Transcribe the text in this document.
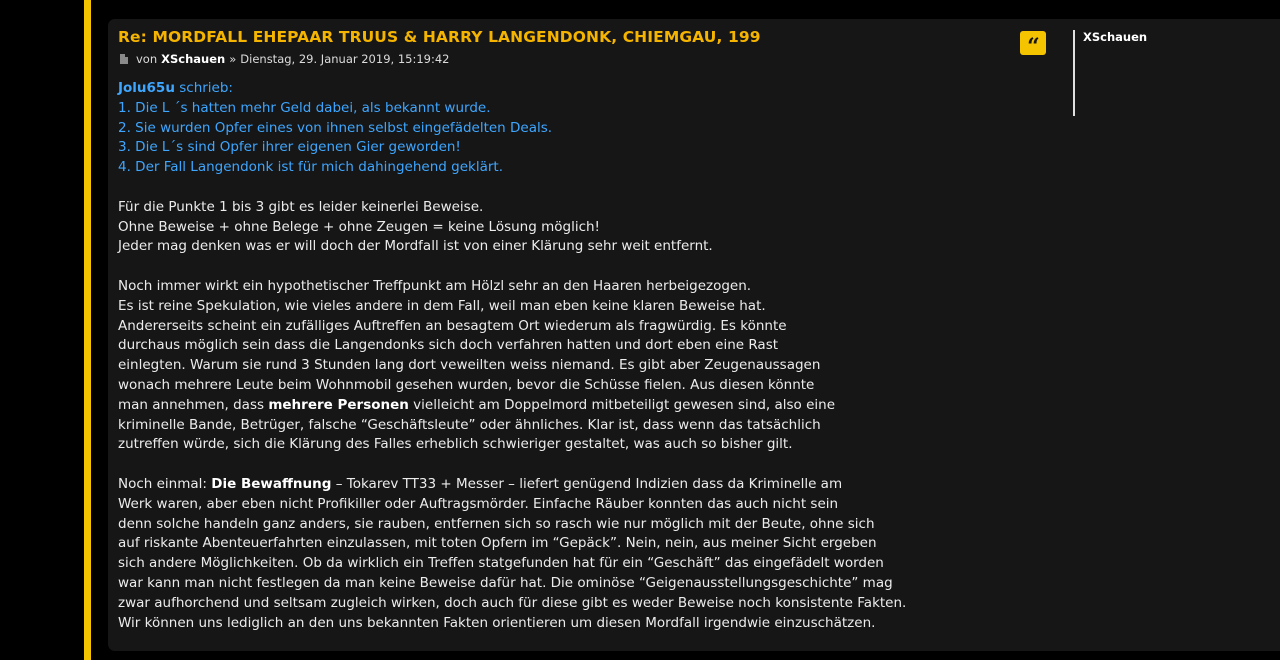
Re: MORDFALL EHEPAAR TRUUS & HARRY LANGENDONK, CHIEMGAU, 199
von XSchauen » Dienstag, 29. Januar 2019, 15:19:42
Jolu65u schrieb:
1. Die L ´s hatten mehr Geld dabei, als bekannt wurde.
2. Sie wurden Opfer eines von ihnen selbst eingefädelten Deals.
3. Die L´s sind Opfer ihrer eigenen Gier geworden!
4. Der Fall Langendonk ist für mich dahingehend geklärt.
Für die Punkte 1 bis 3 gibt es leider keinerlei Beweise.
Ohne Beweise + ohne Belege + ohne Zeugen = keine Lösung möglich!
Jeder mag denken was er will doch der Mordfall ist von einer Klärung sehr weit entfernt.
Noch immer wirkt ein hypothetischer Treffpunkt am Hölzl sehr an den Haaren herbeigezogen.
Es ist reine Spekulation, wie vieles andere in dem Fall, weil man eben keine klaren Beweise hat.
Andererseits scheint ein zufälliges Auftreffen an besagtem Ort wiederum als fragwürdig. Es könnte
durchaus möglich sein dass die Langendonks sich doch verfahren hatten und dort eben eine Rast
einlegten. Warum sie rund 3 Stunden lang dort veweilten weiss niemand. Es gibt aber Zeugenaussagen
wonach mehrere Leute beim Wohnmobil gesehen wurden, bevor die Schüsse fielen. Aus diesen könnte
man annehmen, dass mehrere Personen vielleicht am Doppelmord mitbeteiligt gewesen sind, also eine
kriminelle Bande, Betrüger, falsche “Geschäftsleute” oder ähnliches. Klar ist, dass wenn das tatsächlich
zutreffen würde, sich die Klärung des Falles erheblich schwieriger gestaltet, was auch so bisher gilt.
Noch einmal: Die Bewaffnung – Tokarev TT33 + Messer – liefert genügend Indizien dass da Kriminelle am
Werk waren, aber eben nicht Profikiller oder Auftragsmörder. Einfache Räuber konnten das auch nicht sein
denn solche handeln ganz anders, sie rauben, entfernen sich so rasch wie nur möglich mit der Beute, ohne sich
auf riskante Abenteuerfahrten einzulassen, mit toten Opfern im “Gepäck”. Nein, nein, aus meiner Sicht ergeben
sich andere Möglichkeiten. Ob da wirklich ein Treffen statgefunden hat für ein “Geschäft” das eingefädelt worden
war kann man nicht festlegen da man keine Beweise dafür hat. Die ominöse “Geigenausstellungsgeschichte” mag
zwar aufhorchend und seltsam zugleich wirken, doch auch für diese gibt es weder Beweise noch konsistente Fakten.
Wir können uns lediglich an den uns bekannten Fakten orientieren um diesen Mordfall irgendwie einzuschätzen.
“	XSchauen
